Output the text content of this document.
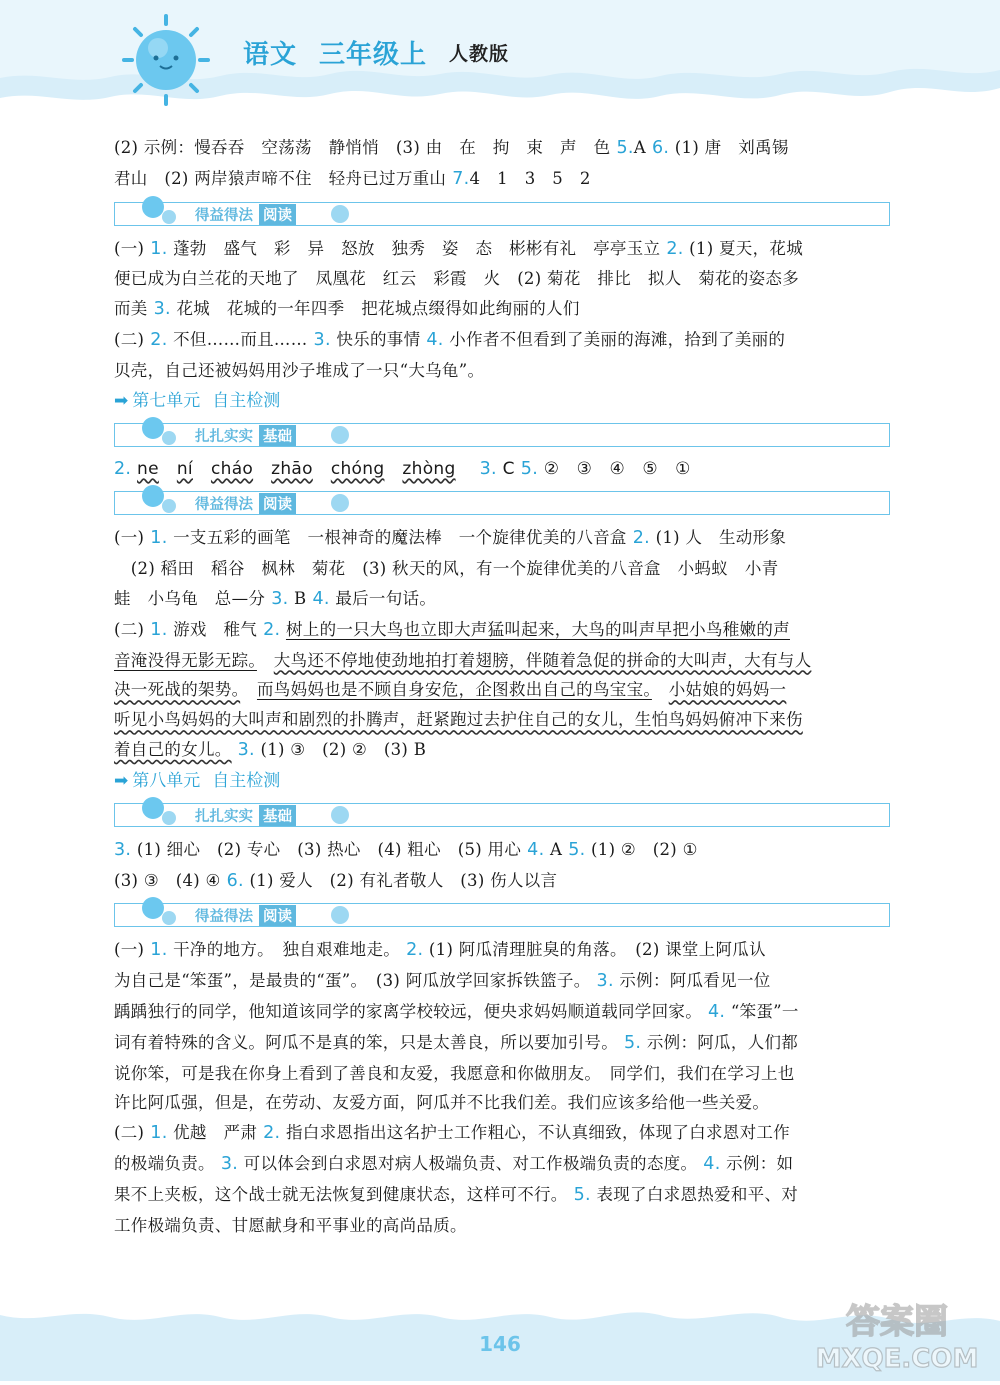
语文 三年级上 人教版
(2) 示例：慢吞吞　空荡荡　静悄悄　(3) 由　在　拘　束　声　色 5.A 6. (1) 唐　刘禹锡
君山　(2) 两岸猿声啼不住　轻舟已过万重山 7.4　1　3　5　2
得益得法 阅读
(一) 1. 蓬勃　盛气　彩　异　怒放　独秀　姿　态　彬彬有礼　亭亭玉立 2. (1) 夏天，花城
便已成为白兰花的天地了　凤凰花　红云　彩霞　火　(2) 菊花　排比　拟人　菊花的姿态多
而美 3. 花城　花城的一年四季　把花城点缀得如此绚丽的人们
(二) 2. 不但……而且…… 3. 快乐的事情 4. 小作者不但看到了美丽的海滩，拾到了美丽的
贝壳，自己还被妈妈用沙子堆成了一只“大乌龟”。
➡ 第七单元 自主检测
扎扎实实 基础
2. ne ní cháo zhāo chóng zhòng 3. C 5. ②　③　④　⑤　①
得益得法 阅读
(一) 1. 一支五彩的画笔　一根神奇的魔法棒　一个旋律优美的八音盒 2. (1) 人　生动形象
　(2) 稻田　稻谷　枫林　菊花　(3) 秋天的风，有一个旋律优美的八音盒　小蚂蚁　小青
蛙　小乌龟　总—分 3. B 4. 最后一句话。
(二) 1. 游戏　稚气 2. 树上的一只大鸟也立即大声猛叫起来，大鸟的叫声早把小鸟稚嫩的声
音淹没得无影无踪。　 大鸟还不停地使劲地拍打着翅膀，伴随着急促的拼命的大叫声，大有与人
决一死战的架势。　 而鸟妈妈也是不顾自身安危，企图救出自己的鸟宝宝。　 小姑娘的妈妈一
听见小鸟妈妈的大叫声和剧烈的扑腾声，赶紧跑过去护住自己的女儿，生怕鸟妈妈俯冲下来伤
着自己的女儿。 3. (1) ③　(2) ②　(3) B
➡ 第八单元 自主检测
扎扎实实 基础
3. (1) 细心　(2) 专心　(3) 热心　(4) 粗心　(5) 用心 4. A 5. (1) ②　(2) ①
(3) ③　(4) ④ 6. (1) 爱人　(2) 有礼者敬人　(3) 伤人以言
得益得法 阅读
(一) 1. 干净的地方。　独自艰难地走。 2. (1) 阿瓜清理脏臭的角落。　(2) 课堂上阿瓜认
为自己是“笨蛋”，是最贵的“蛋”。　(3) 阿瓜放学回家拆铁篮子。 3. 示例：阿瓜看见一位
踽踽独行的同学，他知道该同学的家离学校较远，便央求妈妈顺道载同学回家。 4. “笨蛋”一
词有着特殊的含义。阿瓜不是真的笨，只是太善良，所以要加引号。 5. 示例：阿瓜，人们都
说你笨，可是我在你身上看到了善良和友爱，我愿意和你做朋友。　同学们，我们在学习上也
许比阿瓜强，但是，在劳动、友爱方面，阿瓜并不比我们差。我们应该多给他一些关爱。
(二) 1. 优越　严肃 2. 指白求恩指出这名护士工作粗心，不认真细致，体现了白求恩对工作
的极端负责。 3. 可以体会到白求恩对病人极端负责、对工作极端负责的态度。 4. 示例：如
果不上夹板，这个战士就无法恢复到健康状态，这样可不行。 5. 表现了白求恩热爱和平、对
工作极端负责、甘愿献身和平事业的高尚品质。
146
答案圈
MXQE.COM
